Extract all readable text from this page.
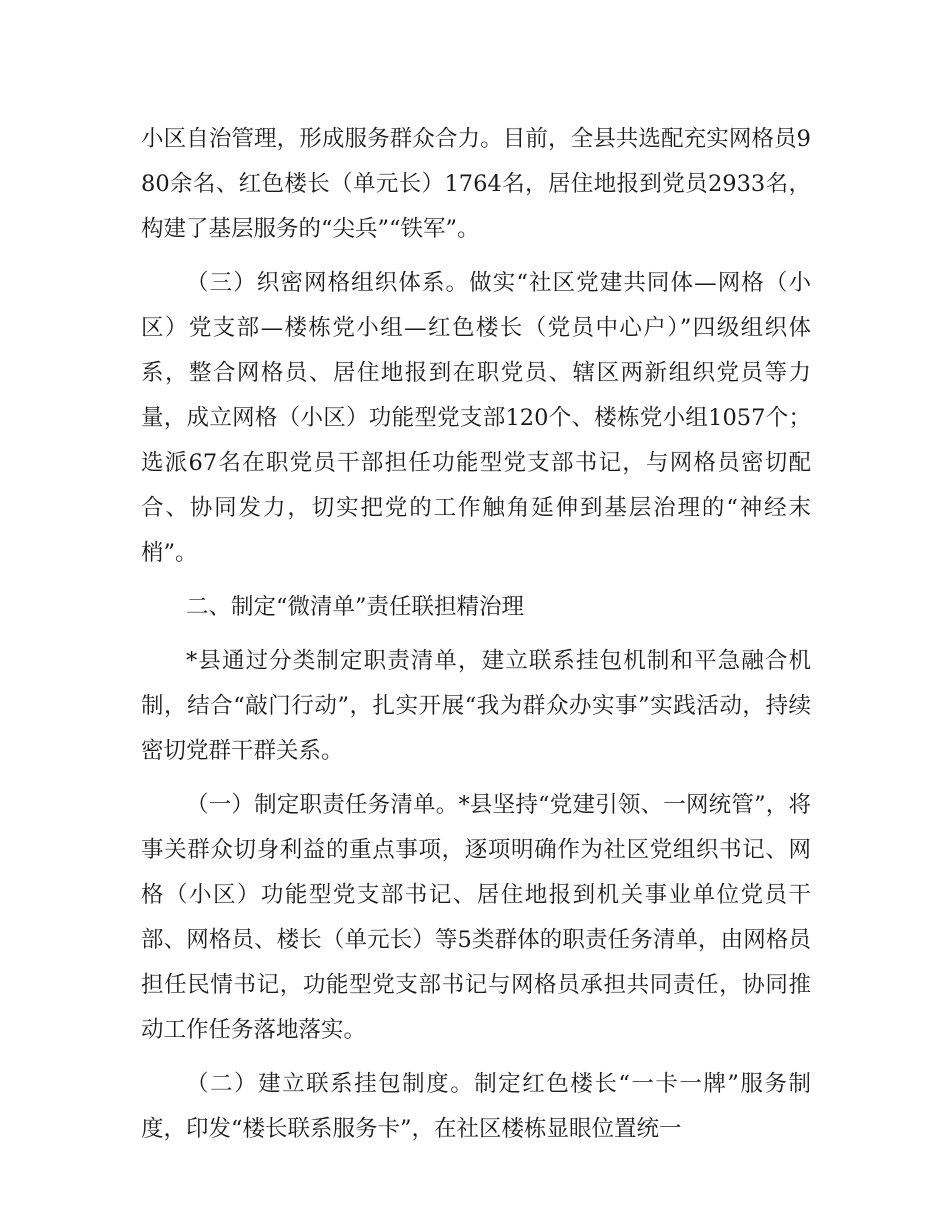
小区自治管理，形成服务群众合力。目前，全县共选配充实网格员980余名、红色楼长（单元长）1764名，居住地报到党员2933名，构建了基层服务的“尖兵”“铁军”。

（三）织密网格组织体系。做实“社区党建共同体—网格（小区）党支部—楼栋党小组—红色楼长（党员中心户）”四级组织体系，整合网格员、居住地报到在职党员、辖区两新组织党员等力量，成立网格（小区）功能型党支部120个、楼栋党小组1057个；选派67名在职党员干部担任功能型党支部书记，与网格员密切配合、协同发力，切实把党的工作触角延伸到基层治理的“神经末梢”。

二、制定“微清单”责任联担精治理

*县通过分类制定职责清单，建立联系挂包机制和平急融合机制，结合“敲门行动”，扎实开展“我为群众办实事”实践活动，持续密切党群干群关系。

（一）制定职责任务清单。*县坚持“党建引领、一网统管”，将事关群众切身利益的重点事项，逐项明确作为社区党组织书记、网格（小区）功能型党支部书记、居住地报到机关事业单位党员干部、网格员、楼长（单元长）等5类群体的职责任务清单，由网格员担任民情书记，功能型党支部书记与网格员承担共同责任，协同推动工作任务落地落实。

（二）建立联系挂包制度。制定红色楼长“一卡一牌”服务制度，印发“楼长联系服务卡”，在社区楼栋显眼位置统一
